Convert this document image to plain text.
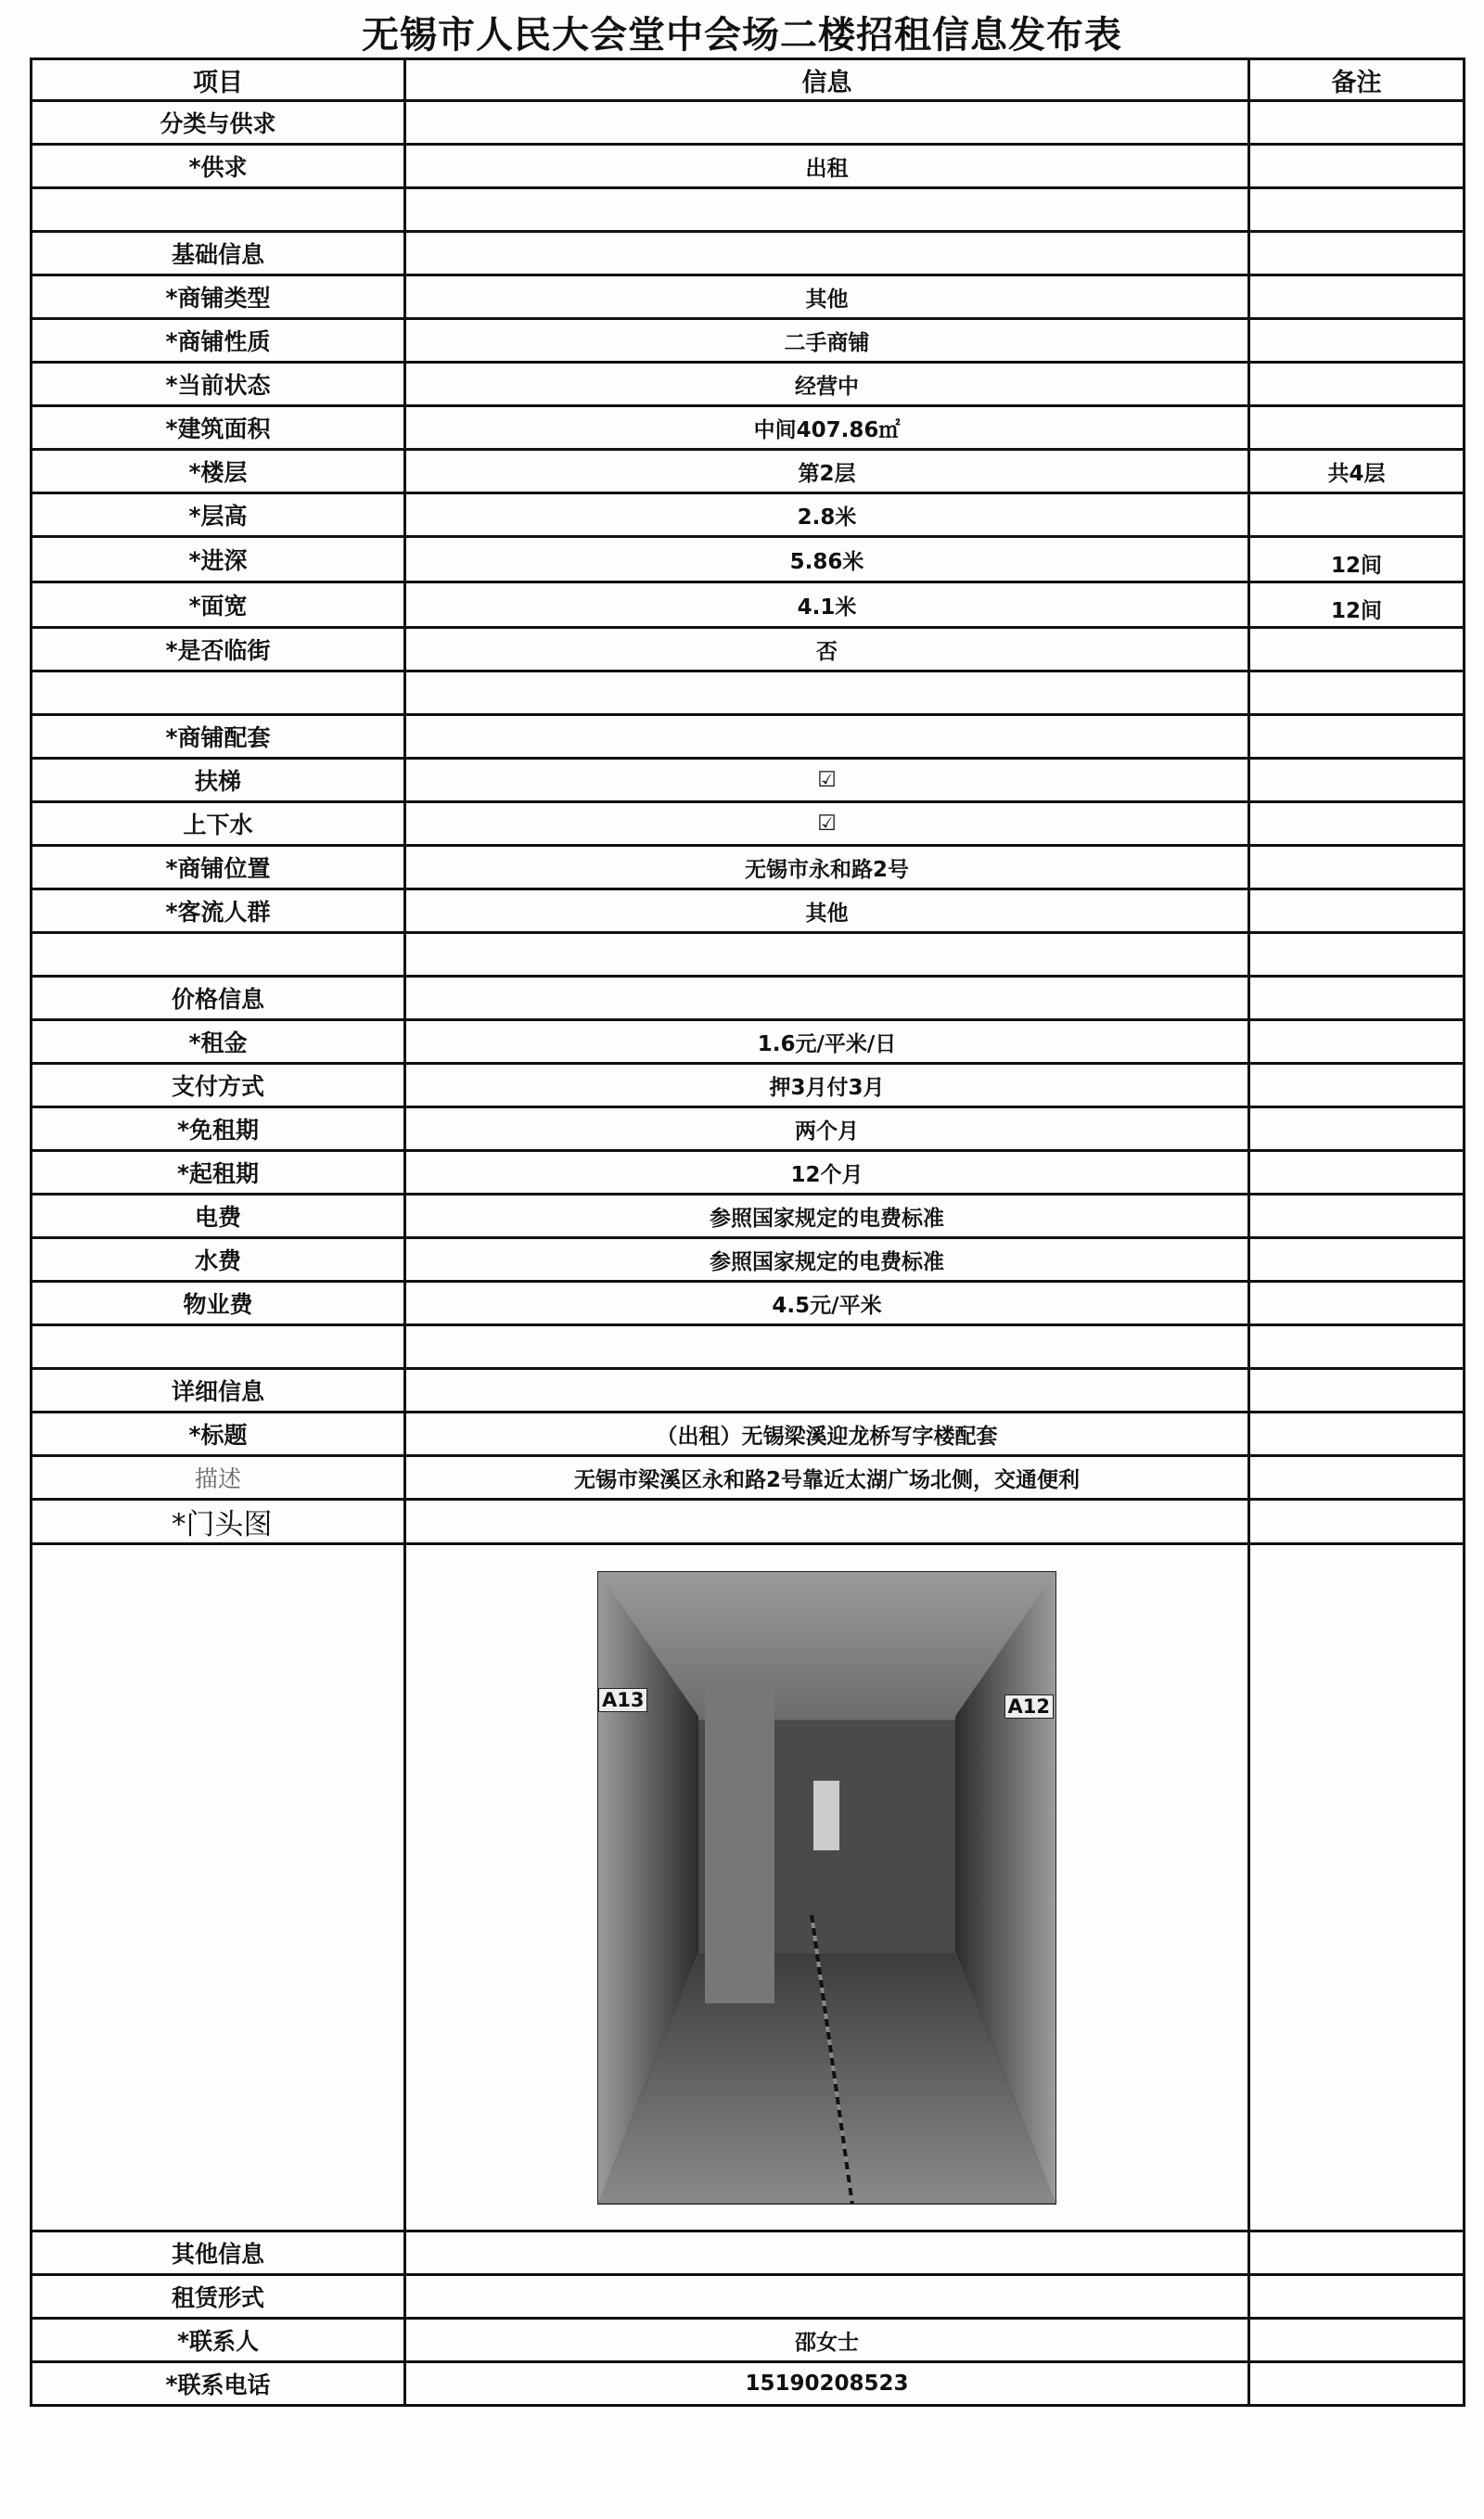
无锡市人民大会堂中会场二楼招租信息发布表
项目	信息	备注
分类与供求		
*供求	出租	

基础信息		
*商铺类型	其他	
*商铺性质	二手商铺	
*当前状态	经营中	
*建筑面积	中间407.86㎡	
*楼层	第2层	共4层
*层高	2.8米	
*进深	5.86米	12间
*面宽	4.1米	12间
*是否临街	否	

*商铺配套		
扶梯	☑	
上下水	☑	
*商铺位置	无锡市永和路2号	
*客流人群	其他	

价格信息		
*租金	1.6元/平米/日	
支付方式	押3月付3月	
*免租期	两个月	
*起租期	12个月	
电费	参照国家规定的电费标准	
水费	参照国家规定的电费标准	
物业费	4.5元/平米	

详细信息		
*标题	（出租）无锡梁溪迎龙桥写字楼配套	
描述	无锡市梁溪区永和路2号靠近太湖广场北侧，交通便利	
*门头图		

	A13 A12	

其他信息		
租赁形式		
*联系人	邵女士	
*联系电话	15190208523	
